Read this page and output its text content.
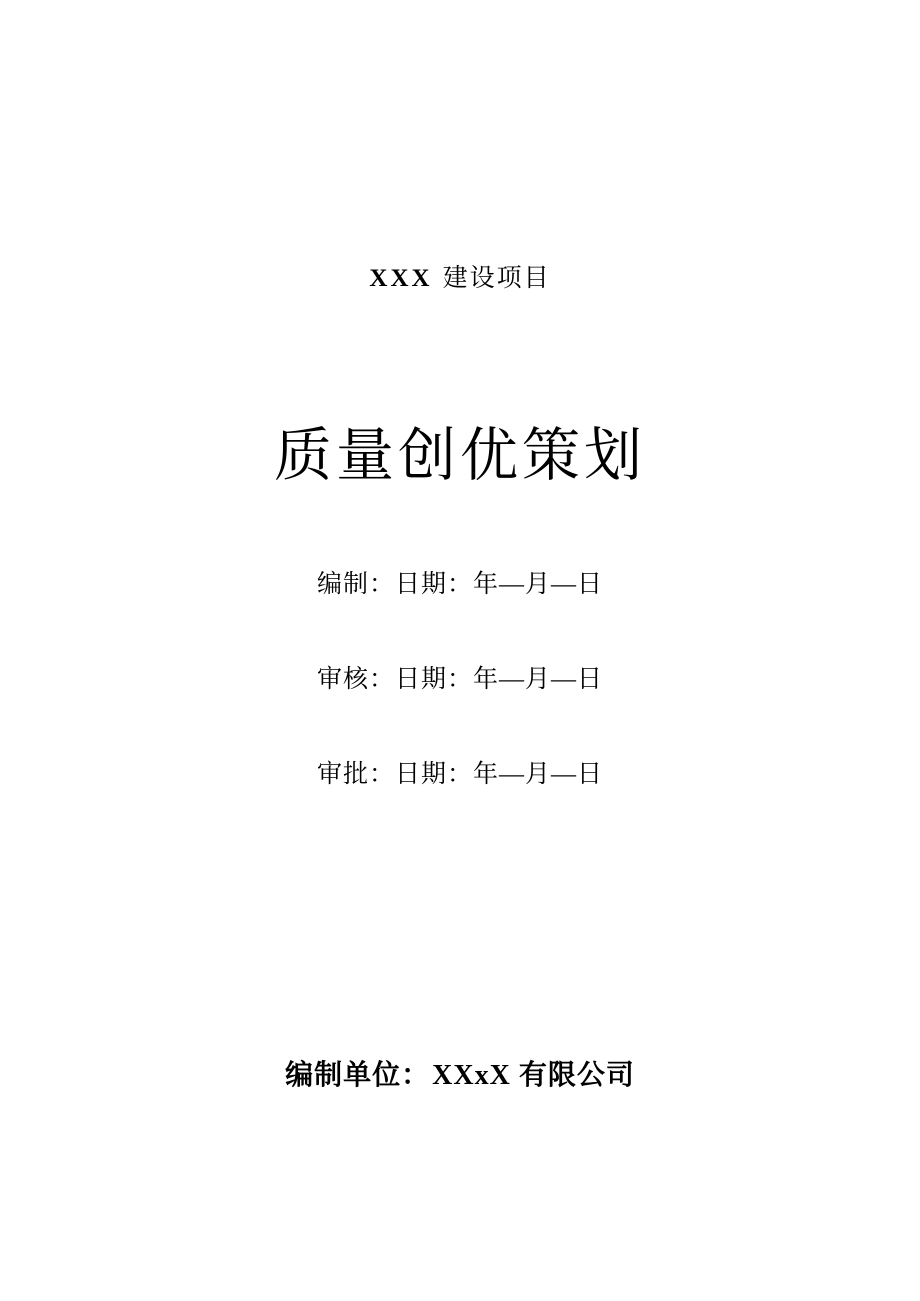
XXX 建设项目
质量创优策划
编制：日期：年—月—日
审核：日期：年—月—日
审批：日期：年—月—日
编制单位：XXxX 有限公司
